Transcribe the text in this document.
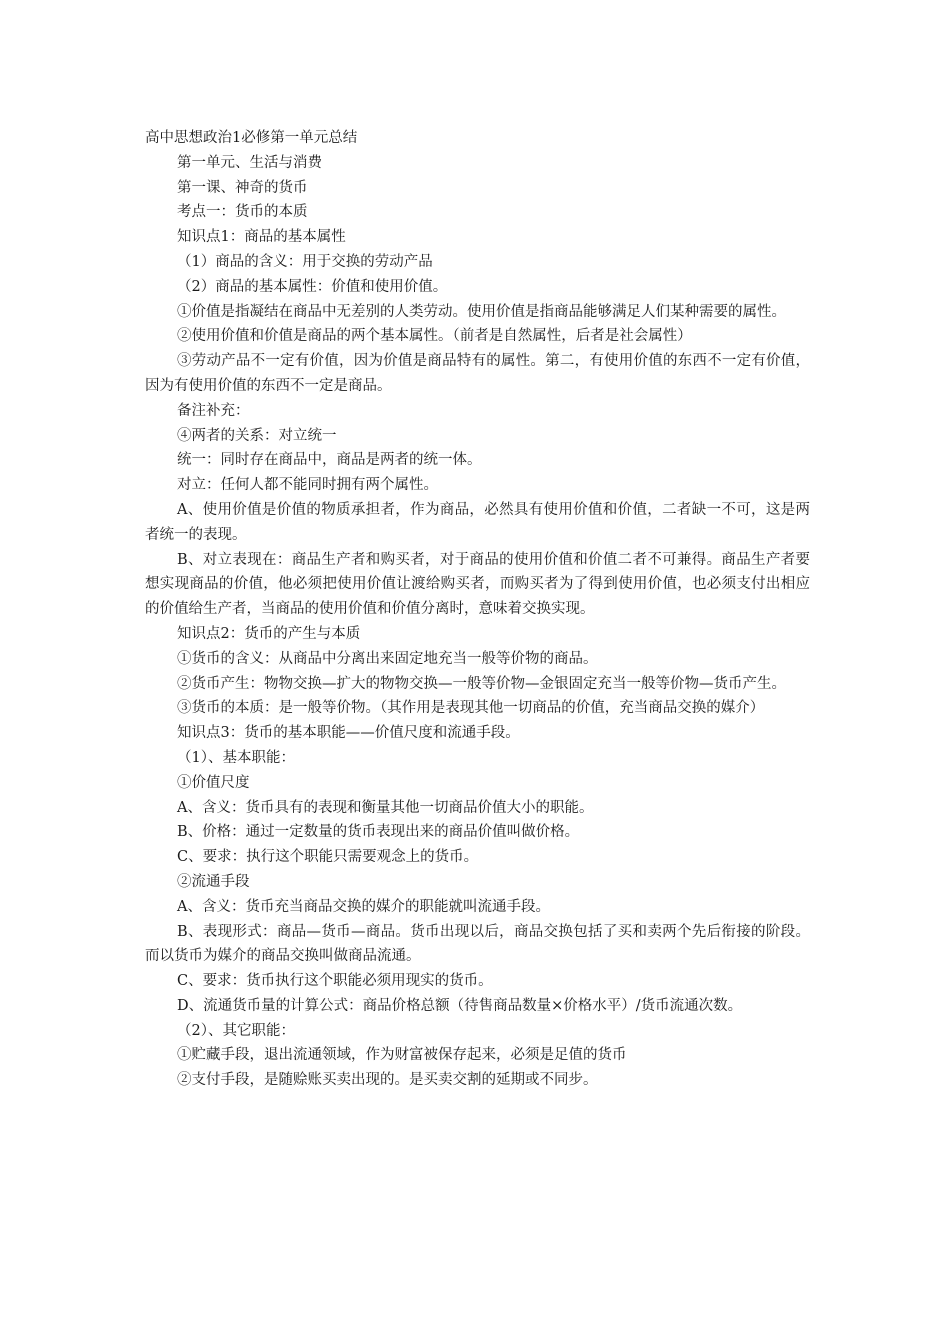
高中思想政治1必修第一单元总结

第一单元、生活与消费

第一课、神奇的货币

考点一：货币的本质

知识点1：商品的基本属性

（1）商品的含义：用于交换的劳动产品

（2）商品的基本属性：价值和使用价值。

①价值是指凝结在商品中无差别的人类劳动。使用价值是指商品能够满足人们某种需要的属性。

②使用价值和价值是商品的两个基本属性。（前者是自然属性，后者是社会属性）

③劳动产品不一定有价值，因为价值是商品特有的属性。第二，有使用价值的东西不一定有价值，因为有使用价值的东西不一定是商品。

备注补充：

④两者的关系：对立统一

统一：同时存在商品中，商品是两者的统一体。

对立：任何人都不能同时拥有两个属性。

A、使用价值是价值的物质承担者，作为商品，必然具有使用价值和价值，二者缺一不可，这是两者统一的表现。

B、对立表现在：商品生产者和购买者，对于商品的使用价值和价值二者不可兼得。商品生产者要想实现商品的价值，他必须把使用价值让渡给购买者，而购买者为了得到使用价值，也必须支付出相应的价值给生产者，当商品的使用价值和价值分离时，意味着交换实现。

知识点2：货币的产生与本质

①货币的含义：从商品中分离出来固定地充当一般等价物的商品。

②货币产生：物物交换—扩大的物物交换—一般等价物—金银固定充当一般等价物—货币产生。

③货币的本质：是一般等价物。（其作用是表现其他一切商品的价值，充当商品交换的媒介）

知识点3：货币的基本职能——价值尺度和流通手段。

（1）、基本职能：

①价值尺度

A、含义：货币具有的表现和衡量其他一切商品价值大小的职能。

B、价格：通过一定数量的货币表现出来的商品价值叫做价格。

C、要求：执行这个职能只需要观念上的货币。

②流通手段

A、含义：货币充当商品交换的媒介的职能就叫流通手段。

B、表现形式：商品—货币—商品。货币出现以后，商品交换包括了买和卖两个先后衔接的阶段。而以货币为媒介的商品交换叫做商品流通。

C、要求：货币执行这个职能必须用现实的货币。

D、流通货币量的计算公式：商品价格总额（待售商品数量×价格水平）/货币流通次数。

（2）、其它职能：

①贮藏手段，退出流通领域，作为财富被保存起来，必须是足值的货币

②支付手段，是随赊账买卖出现的。是买卖交割的延期或不同步。
